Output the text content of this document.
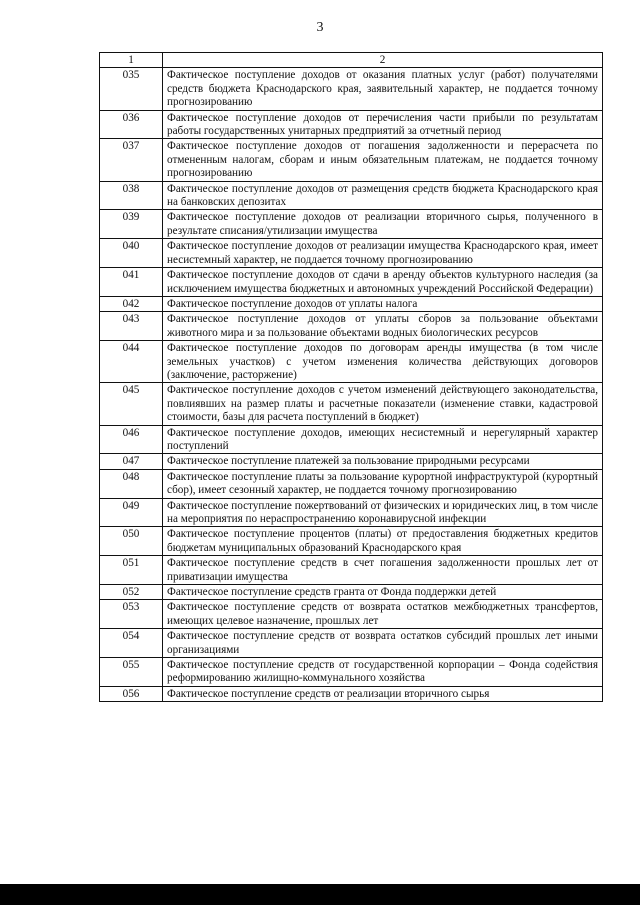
3
1	2
035	Фактическое поступление доходов от оказания платных услуг (работ) получателями средств бюджета Краснодарского края, заявительный характер, не поддается точному прогнозированию
036	Фактическое поступление доходов от перечисления части прибыли по результатам работы государственных унитарных предприятий за отчетный период
037	Фактическое поступление доходов от погашения задолженности и перерасчета по отмененным налогам, сборам и иным обязательным платежам, не поддается точному прогнозированию
038	Фактическое поступление доходов от размещения средств бюджета Краснодарского края на банковских депозитах
039	Фактическое поступление доходов от реализации вторичного сырья, полученного в результате списания/утилизации имущества
040	Фактическое поступление доходов от реализации имущества Краснодарского края, имеет несистемный характер, не поддается точному прогнозированию
041	Фактическое поступление доходов от сдачи в аренду объектов культурного наследия (за исключением имущества бюджетных и автономных учреждений Российской Федерации)
042	Фактическое поступление доходов от уплаты налога
043	Фактическое поступление доходов от уплаты сборов за пользование объектами животного мира и за пользование объектами водных биологических ресурсов
044	Фактическое поступление доходов по договорам аренды имущества (в том числе земельных участков) с учетом изменения количества действующих договоров (заключение, расторжение)
045	Фактическое поступление доходов с учетом изменений действующего законодательства, повлиявших на размер платы и расчетные показатели (изменение ставки, кадастровой стоимости, базы для расчета поступлений в бюджет)
046	Фактическое поступление доходов, имеющих несистемный и нерегулярный характер поступлений
047	Фактическое поступление платежей за пользование природными ресурсами
048	Фактическое поступление платы за пользование курортной инфраструктурой (курортный сбор), имеет сезонный характер, не поддается точному прогнозированию
049	Фактическое поступление пожертвований от физических и юридических лиц, в том числе на мероприятия по нераспространению коронавирусной инфекции
050	Фактическое поступление процентов (платы) от предоставления бюджетных кредитов бюджетам муниципальных образований Краснодарского края
051	Фактическое поступление средств в счет погашения задолженности прошлых лет от приватизации имущества
052	Фактическое поступление средств гранта от Фонда поддержки детей
053	Фактическое поступление средств от возврата остатков межбюджетных трансфертов, имеющих целевое назначение, прошлых лет
054	Фактическое поступление средств от возврата остатков субсидий прошлых лет иными организациями
055	Фактическое поступление средств от государственной корпорации – Фонда содействия реформированию жилищно-коммунального хозяйства
056	Фактическое поступление средств от реализации вторичного сырья
